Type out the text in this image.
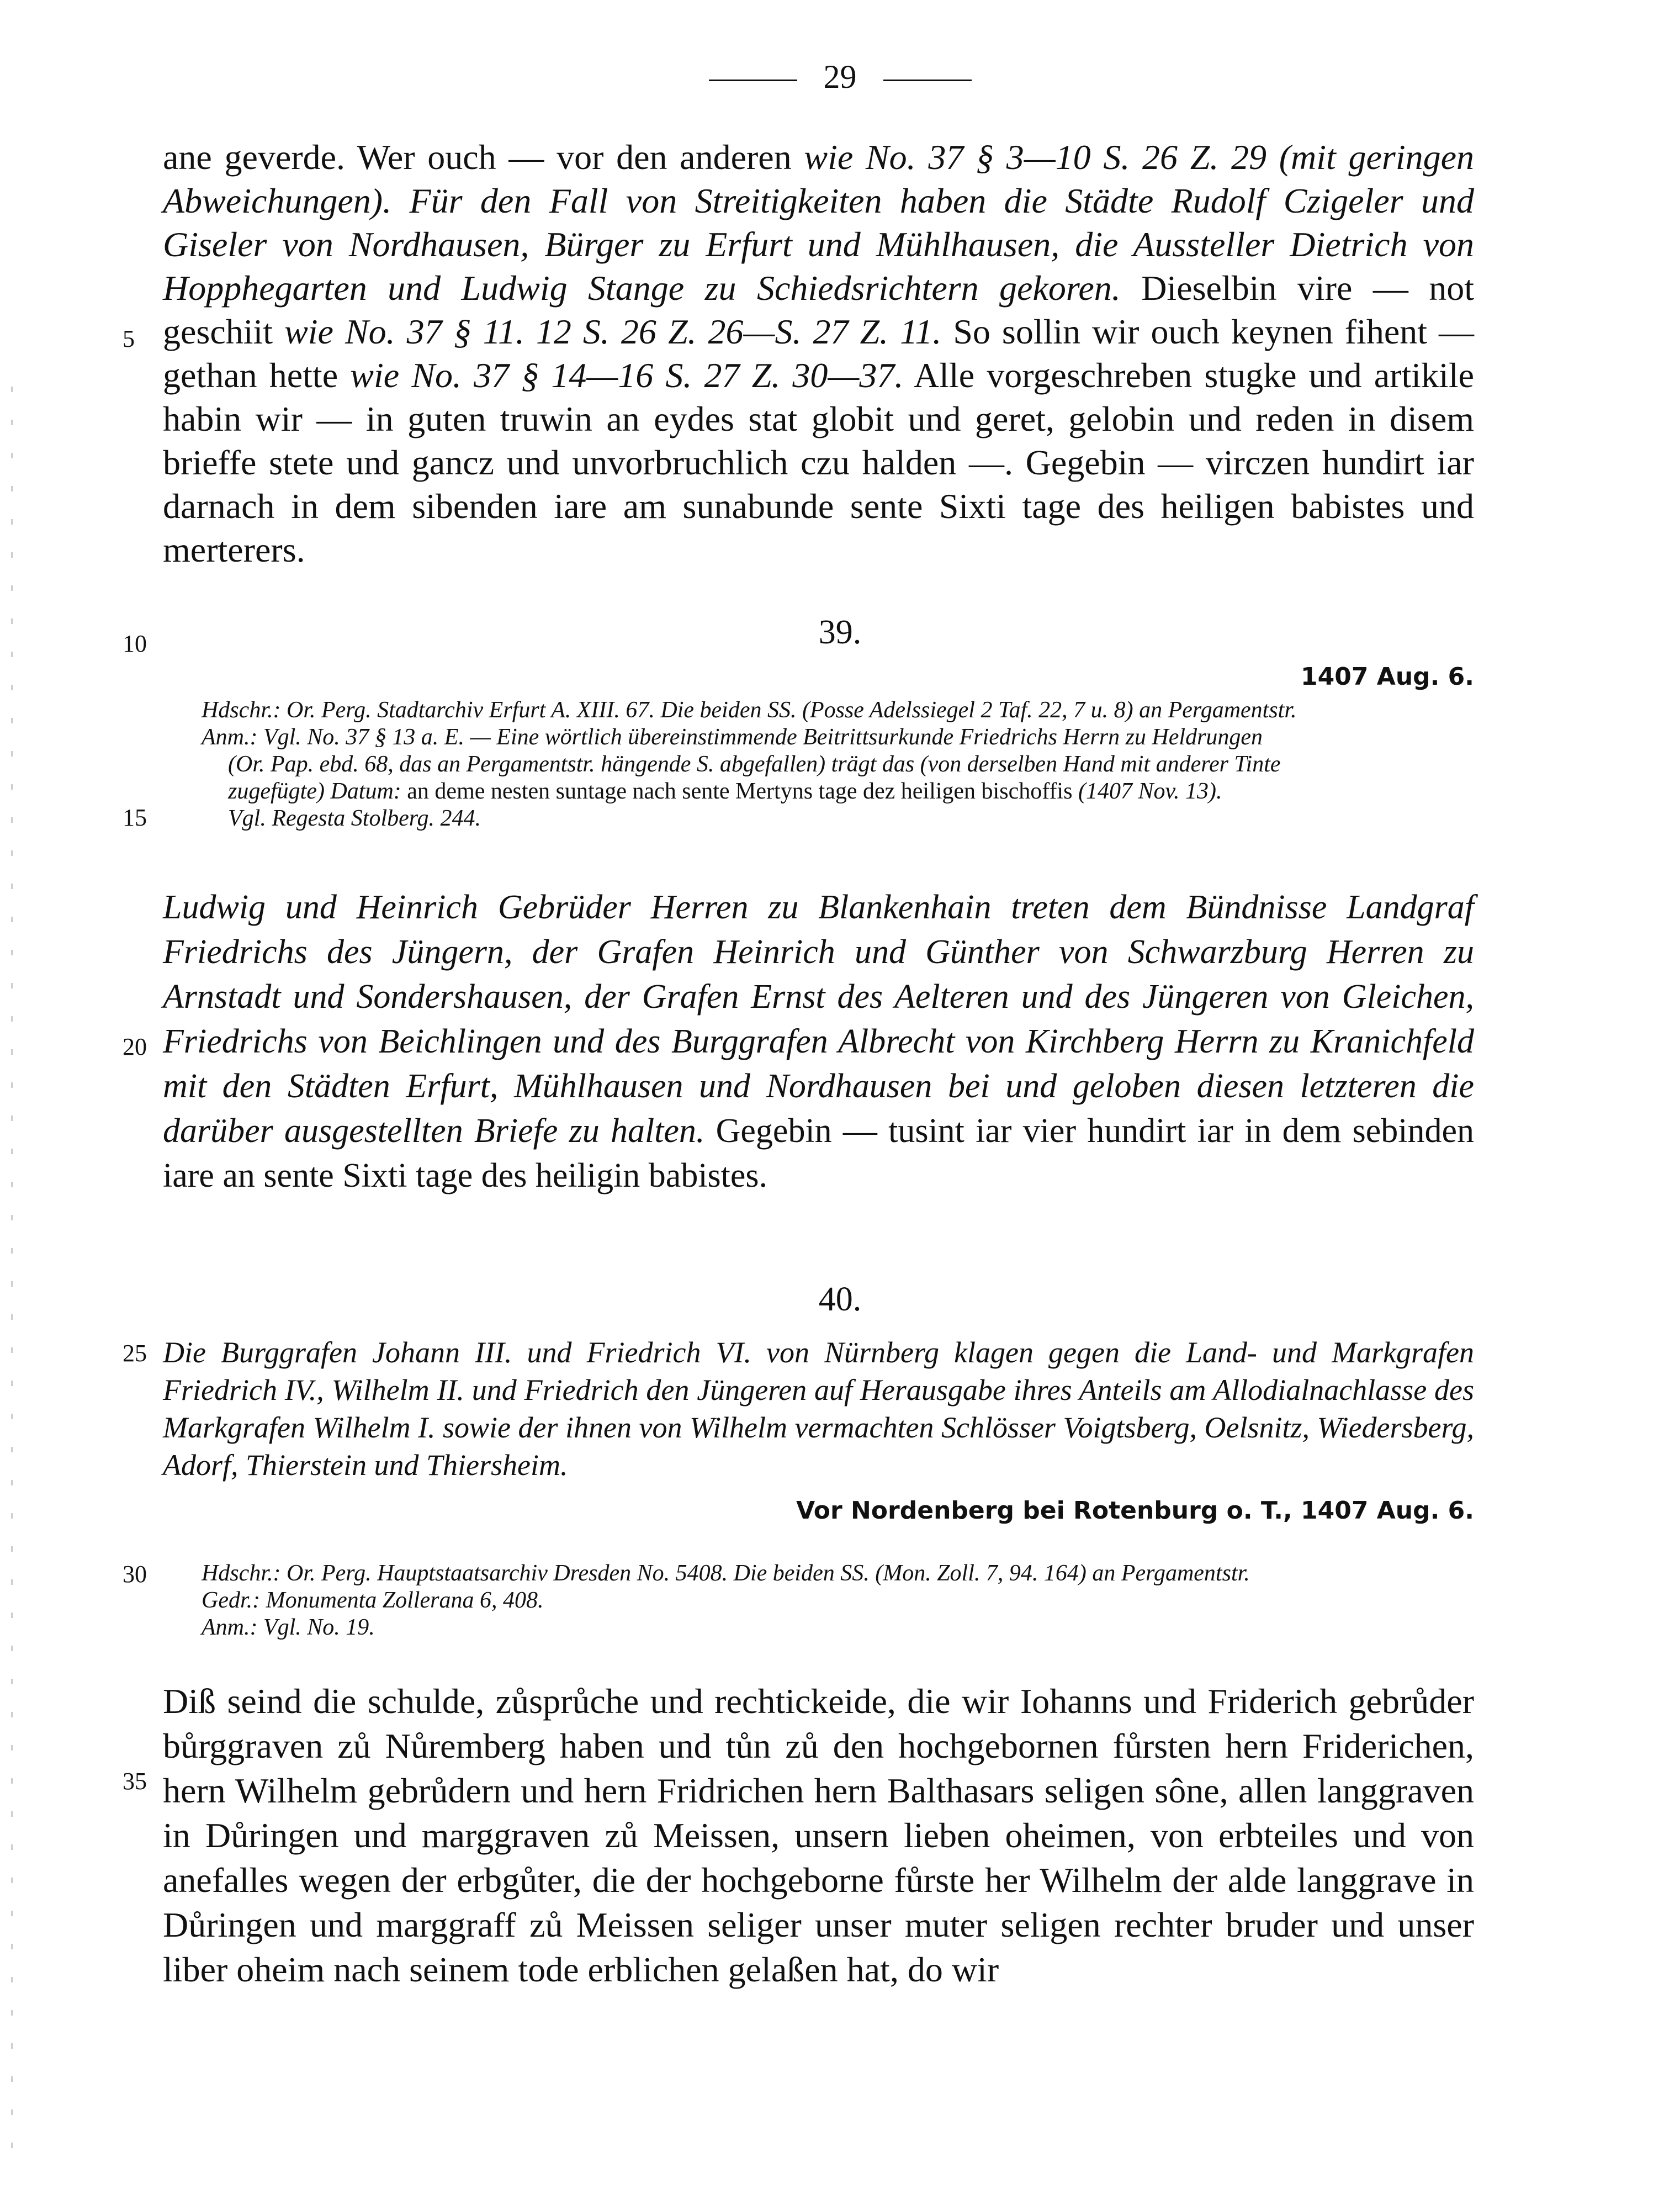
29
ane geverde. Wer ouch — vor den anderen wie No. 37 § 3—10 S. 26 Z. 29 (mit geringen Abweichungen). Für den Fall von Streitigkeiten haben die Städte Rudolf Czigeler und Giseler von Nordhausen, Bürger zu Erfurt und Mühlhausen, die Aussteller Dietrich von Hopphegarten und Ludwig Stange zu Schiedsrichtern gekoren. Dieselbin vire — not geschiit wie No. 37 § 11. 12 S. 26 Z. 26—S. 27 Z. 11. So sollin wir ouch keynen fihent — gethan hette wie No. 37 § 14—16 S. 27 Z. 30—37. Alle vorgeschreben stugke und artikile habin wir — in guten truwin an eydes stat globit und geret, gelobin und reden in disem brieffe stete und gancz und unvorbruchlich czu halden —. Gegebin — virczen hundirt iar darnach in dem sibenden iare am sunabunde sente Sixti tage des heiligen babistes und merterers.
39.
1407 Aug. 6.
Hdschr.: Or. Perg. Stadtarchiv Erfurt A. XIII. 67. Die beiden SS. (Posse Adelssiegel 2 Taf. 22, 7 u. 8) an Pergamentstr.
Anm.: Vgl. No. 37 § 13 a. E. — Eine wörtlich übereinstimmende Beitrittsurkunde Friedrichs Herrn zu Heldrungen
(Or. Pap. ebd. 68, das an Pergamentstr. hängende S. abgefallen) trägt das (von derselben Hand mit anderer Tinte
zugefügte) Datum: an deme nesten suntage nach sente Mertyns tage dez heiligen bischoffis (1407 Nov. 13).
Vgl. Regesta Stolberg. 244.
Ludwig und Heinrich Gebrüder Herren zu Blankenhain treten dem Bündnisse Landgraf Friedrichs des Jüngern, der Grafen Heinrich und Günther von Schwarzburg Herren zu Arnstadt und Sondershausen, der Grafen Ernst des Aelteren und des Jüngeren von Gleichen, Friedrichs von Beichlingen und des Burggrafen Albrecht von Kirchberg Herrn zu Kranichfeld mit den Städten Erfurt, Mühlhausen und Nordhausen bei und geloben diesen letzteren die darüber ausgestellten Briefe zu halten. Gegebin — tusint iar vier hundirt iar in dem sebinden iare an sente Sixti tage des heiligin babistes.
40.
Die Burggrafen Johann III. und Friedrich VI. von Nürnberg klagen gegen die Land- und Markgrafen Friedrich IV., Wilhelm II. und Friedrich den Jüngeren auf Herausgabe ihres Anteils am Allodialnachlasse des Markgrafen Wilhelm I. sowie der ihnen von Wilhelm vermachten Schlösser Voigtsberg, Oelsnitz, Wiedersberg, Adorf, Thierstein und Thiersheim.
Vor Nordenberg bei Rotenburg o. T., 1407 Aug. 6.
Hdschr.: Or. Perg. Hauptstaatsarchiv Dresden No. 5408. Die beiden SS. (Mon. Zoll. 7, 94. 164) an Pergamentstr.
Gedr.: Monumenta Zollerana 6, 408.
Anm.: Vgl. No. 19.
Diß seind die schulde, zůsprůche und rechtickeide, die wir Iohanns und Friderich gebrůder bůrggraven zů Nůremberg haben und tůn zů den hochgebornen fůrsten hern Friderichen, hern Wilhelm gebrůdern und hern Fridrichen hern Balthasars seligen sône, allen langgraven in Důringen und marggraven zů Meissen, unsern lieben oheimen, von erbteiles und von anefalles wegen der erbgůter, die der hochgeborne fůrste her Wilhelm der alde langgrave in Důringen und marggraff zů Meissen seliger unser muter seligen rechter bruder und unser liber oheim nach seinem tode erblichen gelaßen hat, do wir
5
10
15
20
25
30
35
